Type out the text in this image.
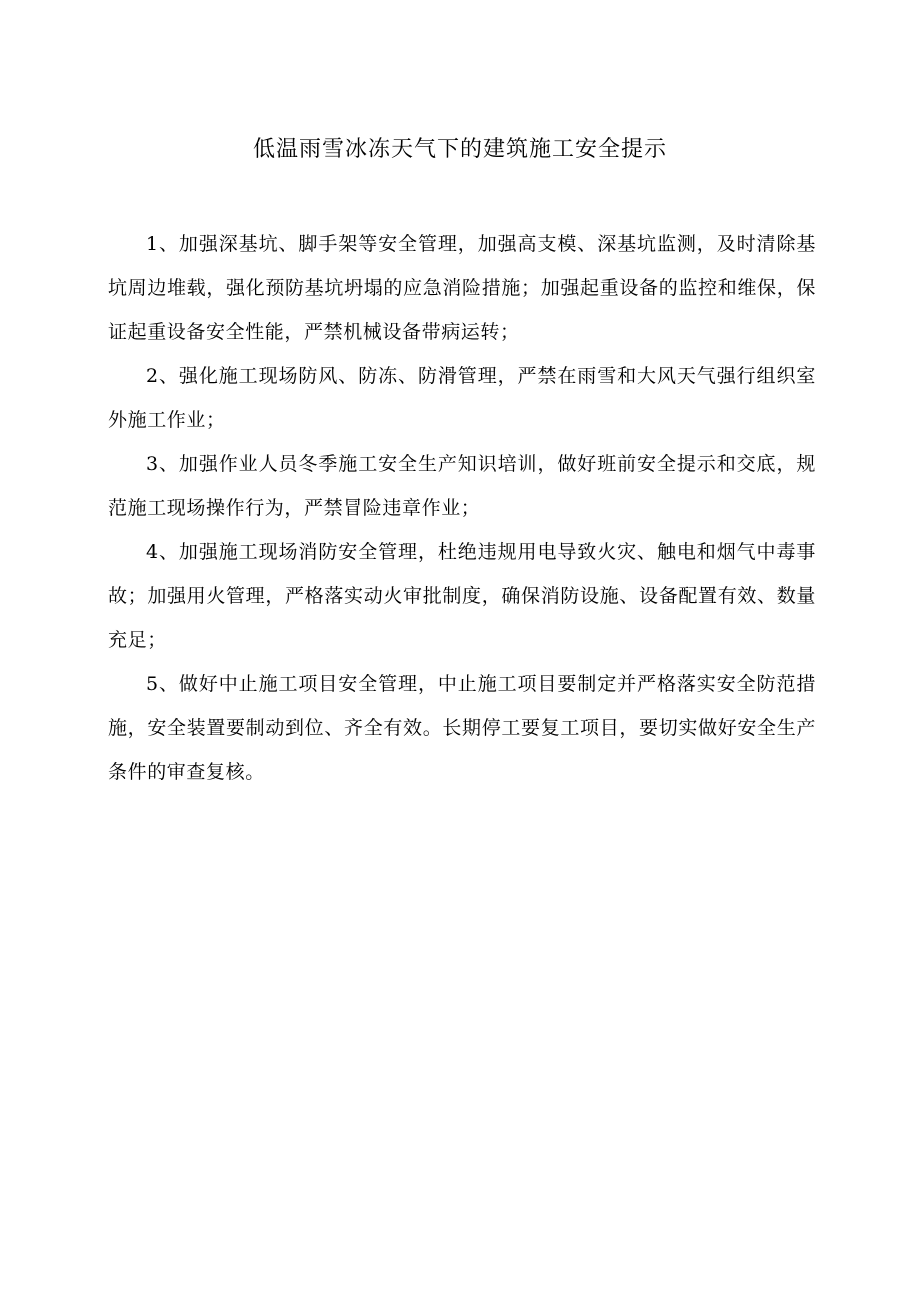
低温雨雪冰冻天气下的建筑施工安全提示

1、加强深基坑、脚手架等安全管理，加强高支模、深基坑监测，及时清除基坑周边堆载，强化预防基坑坍塌的应急消险措施；加强起重设备的监控和维保，保证起重设备安全性能，严禁机械设备带病运转；

2、强化施工现场防风、防冻、防滑管理，严禁在雨雪和大风天气强行组织室外施工作业；

3、加强作业人员冬季施工安全生产知识培训，做好班前安全提示和交底，规范施工现场操作行为，严禁冒险违章作业；

4、加强施工现场消防安全管理，杜绝违规用电导致火灾、触电和烟气中毒事故；加强用火管理，严格落实动火审批制度，确保消防设施、设备配置有效、数量充足；

5、做好中止施工项目安全管理，中止施工项目要制定并严格落实安全防范措施，安全装置要制动到位、齐全有效。长期停工要复工项目，要切实做好安全生产条件的审查复核。
